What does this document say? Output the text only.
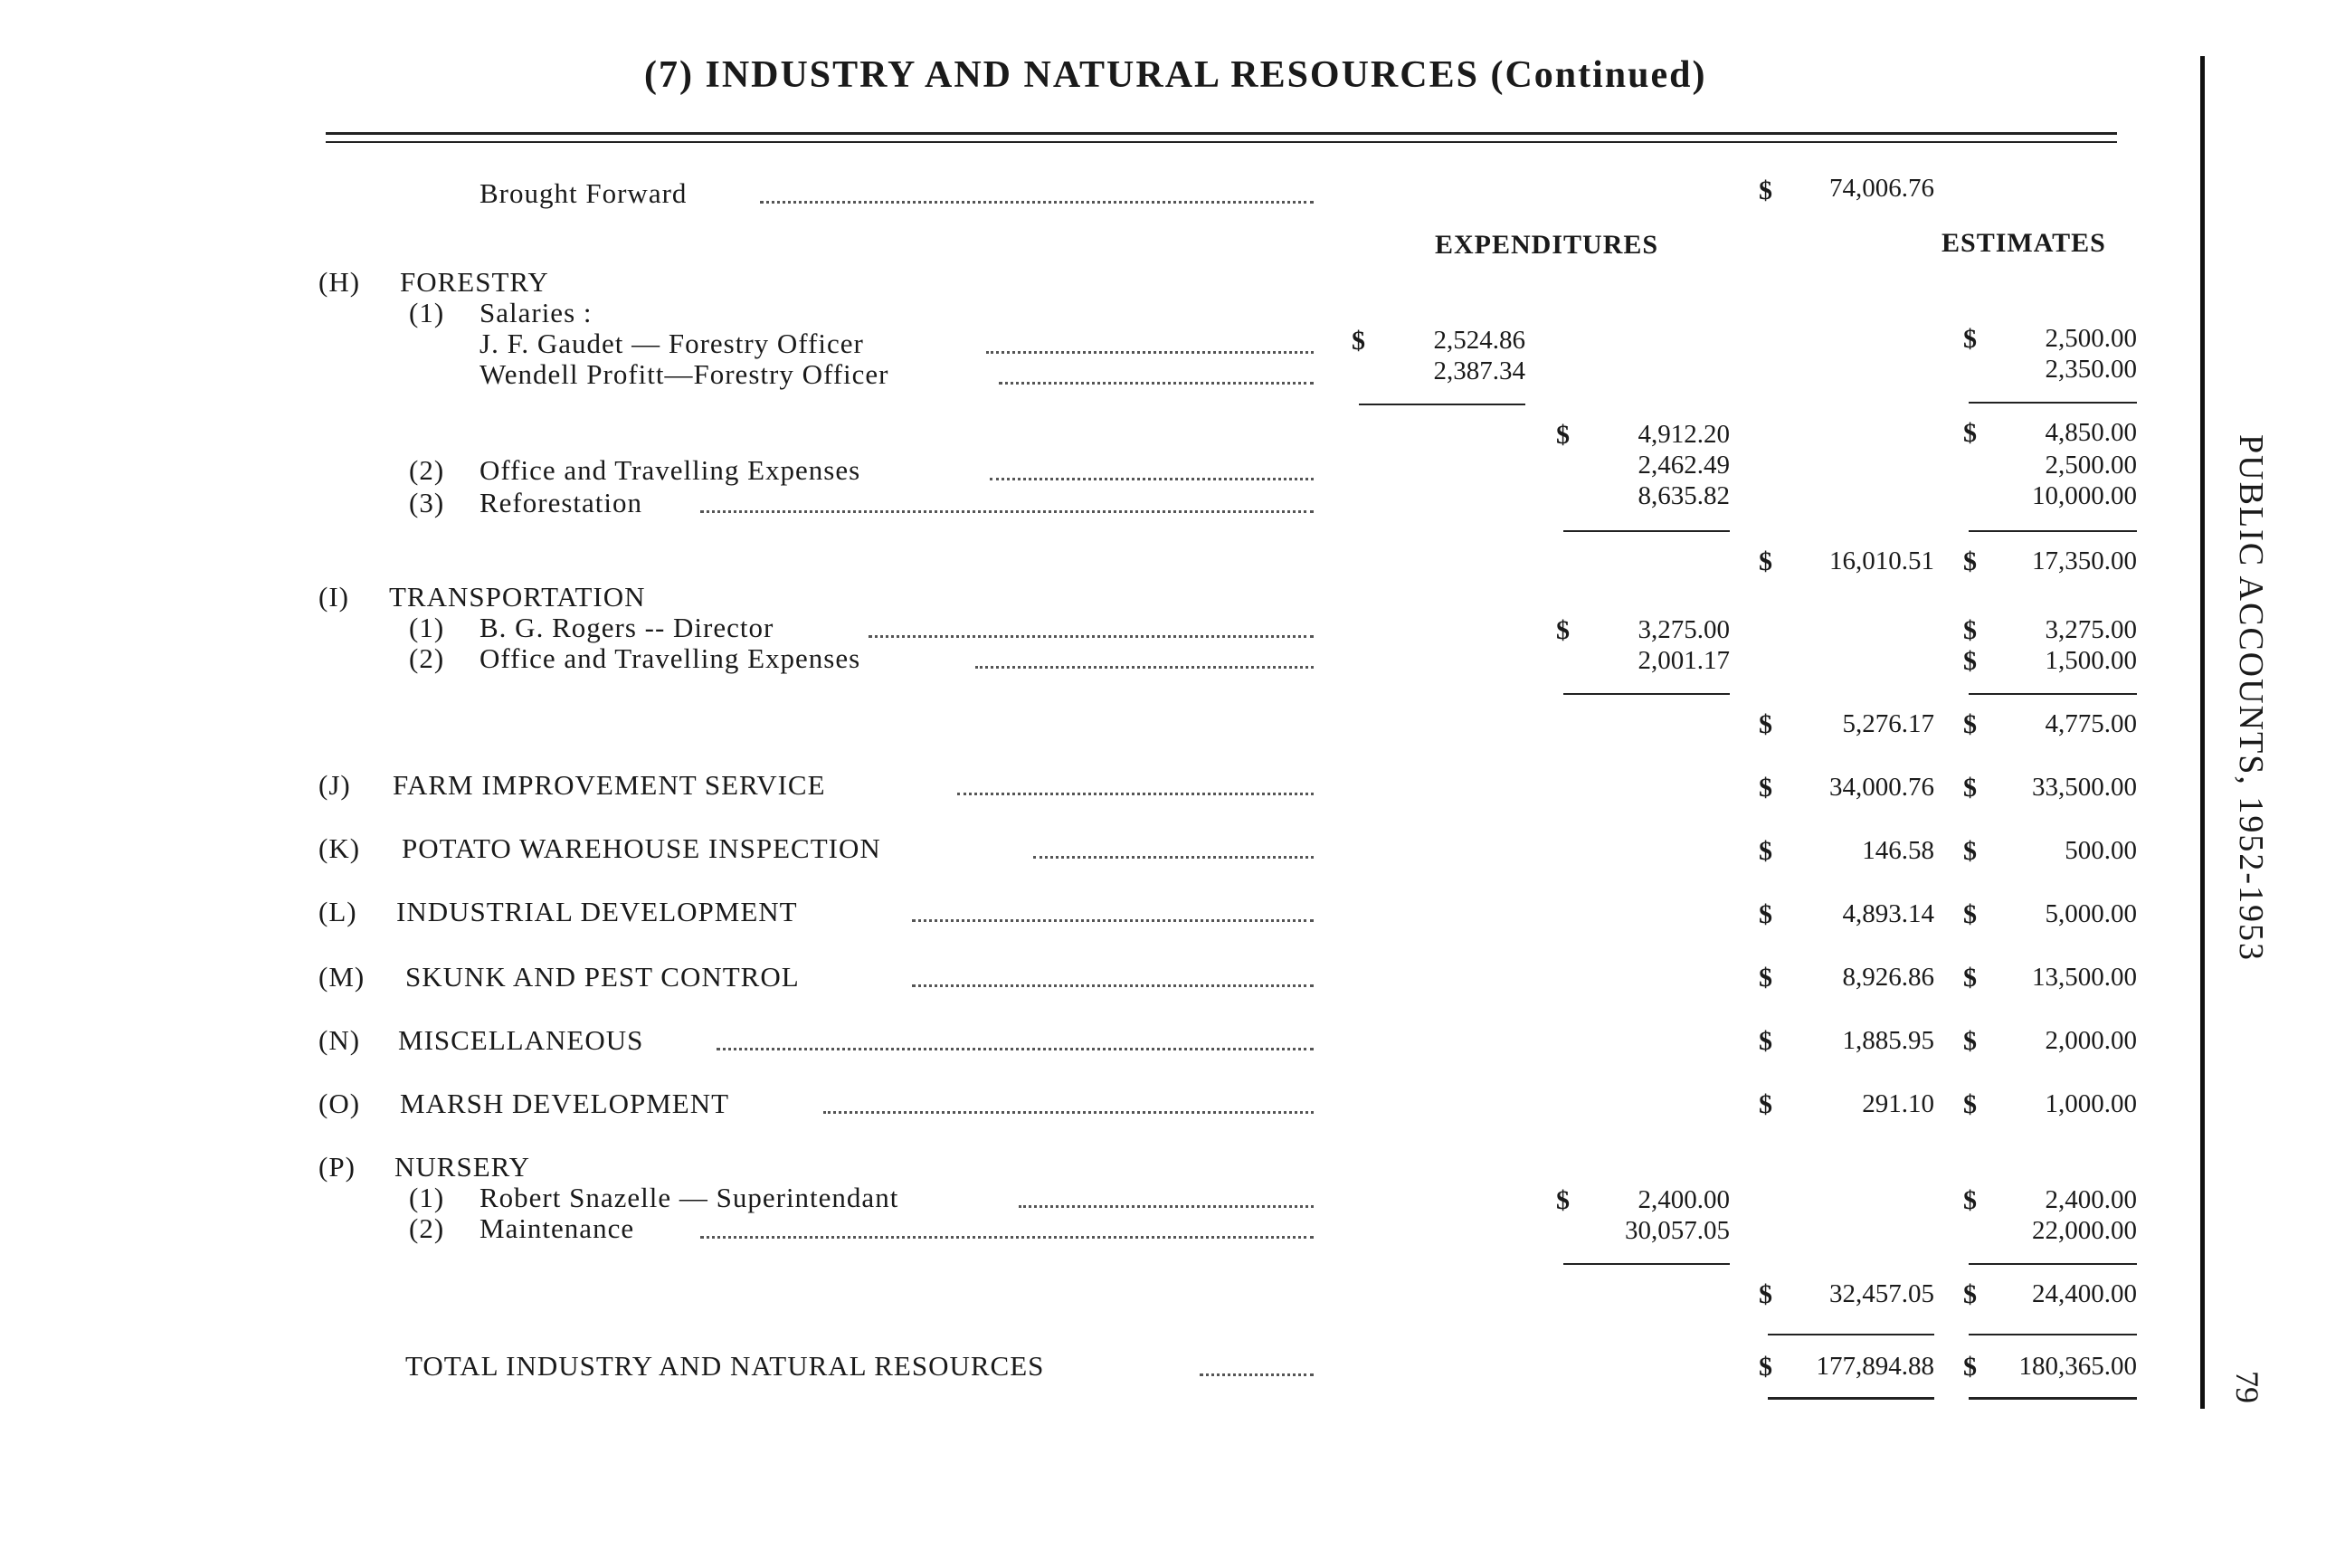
(7) INDUSTRY AND NATURAL RESOURCES (Continued)
PUBLIC ACCOUNTS, 1952-1953
79
Brought Forward	$	74,006.76
EXPENDITURES	ESTIMATES
(H) FORESTRY
(1) Salaries :
J. F. Gaudet — Forestry Officer	$	2,524.86	$	2,500.00
Wendell Profitt—Forestry Officer	2,387.34	2,350.00
$	4,912.20	$	4,850.00
(2) Office and Travelling Expenses	2,462.49	2,500.00
(3) Reforestation	8,635.82	10,000.00
$	16,010.51 $	17,350.00
(I) TRANSPORTATION
(1) B. G. Rogers -- Director	$	3,275.00	$	3,275.00
(2) Office and Travelling Expenses	2,001.17	$	1,500.00
$	5,276.17 $	4,775.00
(J) FARM IMPROVEMENT SERVICE	$	34,000.76 $	33,500.00
(K) POTATO WAREHOUSE INSPECTION	$	146.58 $	500.00
(L) INDUSTRIAL DEVELOPMENT	$	4,893.14 $	5,000.00
(M) SKUNK AND PEST CONTROL	$	8,926.86 $	13,500.00
(N) MISCELLANEOUS	$	1,885.95 $	2,000.00
(O) MARSH DEVELOPMENT	$	291.10 $	1,000.00
(P) NURSERY
(1) Robert Snazelle — Superintendant	$	2,400.00	$	2,400.00
(2) Maintenance	30,057.05	22,000.00
$	32,457.05 $	24,400.00
TOTAL INDUSTRY AND NATURAL RESOURCES	$	177,894.88 $	180,365.00
